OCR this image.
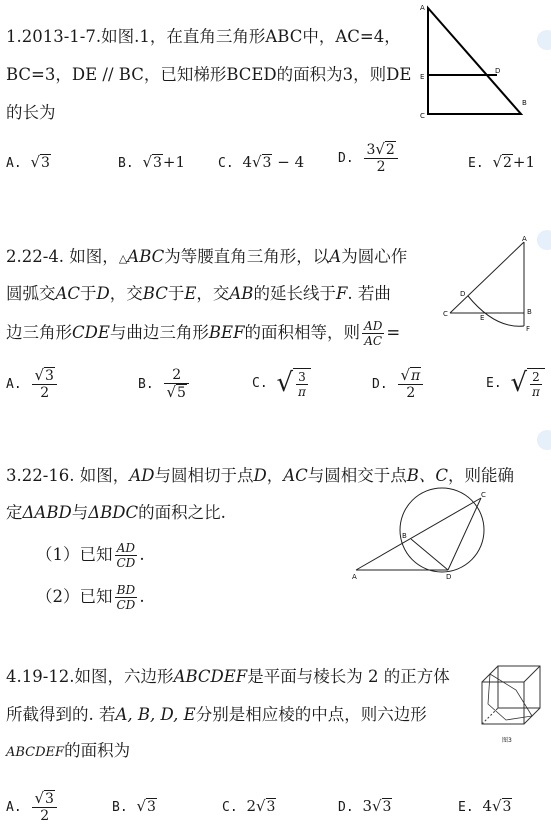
1.2013-1-7.如图.1，在直角三角形ABC中，AC=4，
BC=3，DE // BC，已知梯形BCED的面积为3，则DE
的长为
A. √3	B. √3+1	C. 4√3 − 4	D. $\frac{3√2}{2}$	E. √2+1
A
E
D
C
B
2.22-4. 如图，△ABC为等腰直角三角形，以A为圆心作
圆弧交AC于D，交BC于E，交AB的延长线于F. 若曲
边三角形CDE与曲边三角形BEF的面积相等，则 $\frac{AD}{AC}$ =
A. $\frac{√3}{2}$	B. $\frac{2}{√5}$	C. √ $\frac{3}{\pi}$	D. $\frac{√\pi}{2}$	E. √ $\frac{2}{\pi}$
A
D
C	E
B
F
3.22-16. 如图，AD与圆相切于点D，AC与圆相交于点B、C，则能确
定ΔABD与ΔBDC的面积之比.
（1）已知 $\frac{AD}{CD}$ .
（2）已知 $\frac{BD}{CD}$ .
C
B
A	D
4.19-12.如图，六边形ABCDEF是平面与棱长为 2 的正方体
所截得到的. 若A, B, D, E分别是相应棱的中点，则六边形
ABCDEF的面积为
A. $\frac{√3}{2}$	B. √3	C. 2√3	D. 3√3	E. 4√3
图3
